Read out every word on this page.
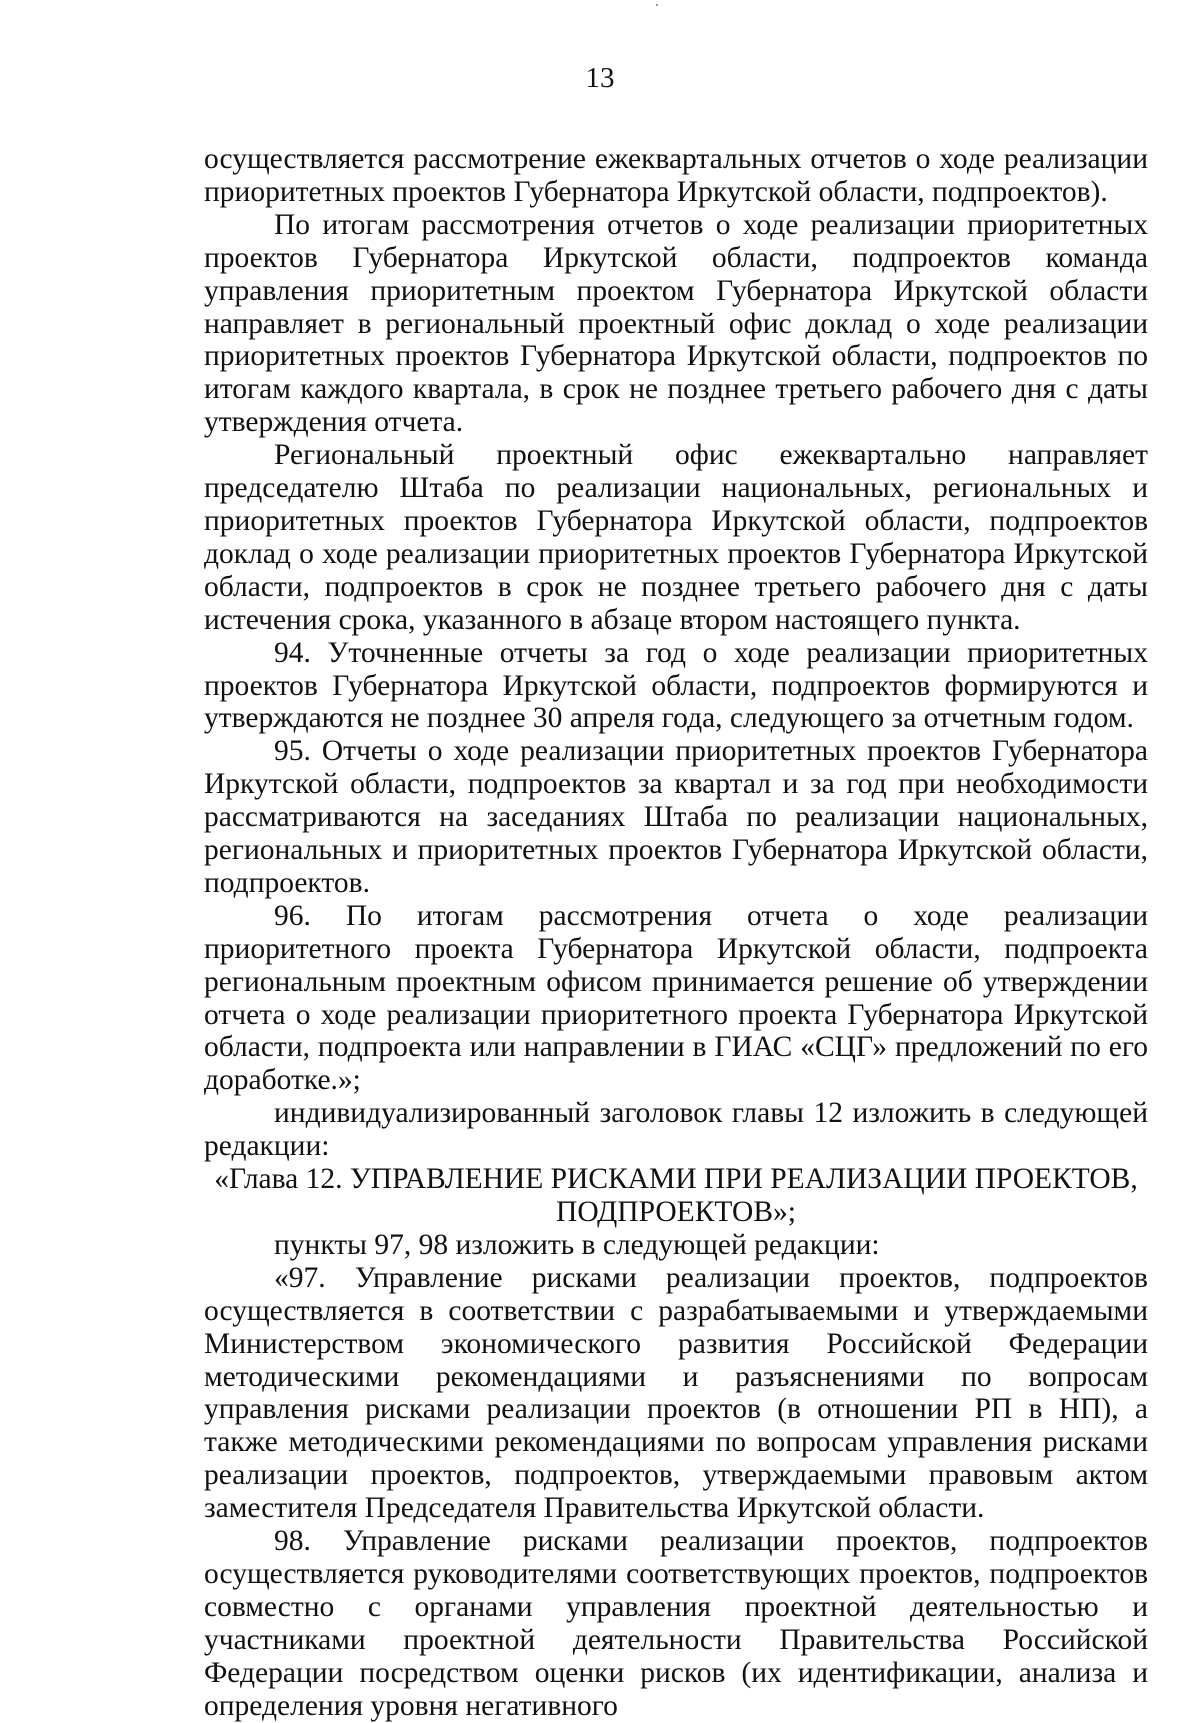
13

осуществляется рассмотрение ежеквартальных отчетов о ходе реализации приоритетных проектов Губернатора Иркутской области, подпроектов).

По итогам рассмотрения отчетов о ходе реализации приоритетных проектов Губернатора Иркутской области, подпроектов команда управления приоритетным проектом Губернатора Иркутской области направляет в региональный проектный офис доклад о ходе реализации приоритетных проектов Губернатора Иркутской области, подпроектов по итогам каждого квартала, в срок не позднее третьего рабочего дня с даты утверждения отчета.

Региональный проектный офис ежеквартально направляет председателю Штаба по реализации национальных, региональных и приоритетных проектов Губернатора Иркутской области, подпроектов доклад о ходе реализации приоритетных проектов Губернатора Иркутской области, подпроектов в срок не позднее третьего рабочего дня с даты истечения срока, указанного в абзаце втором настоящего пункта.

94. Уточненные отчеты за год о ходе реализации приоритетных проектов Губернатора Иркутской области, подпроектов формируются и утверждаются не позднее 30 апреля года, следующего за отчетным годом.

95. Отчеты о ходе реализации приоритетных проектов Губернатора Иркутской области, подпроектов за квартал и за год при необходимости рассматриваются на заседаниях Штаба по реализации национальных, региональных и приоритетных проектов Губернатора Иркутской области, подпроектов.

96. По итогам рассмотрения отчета о ходе реализации приоритетного проекта Губернатора Иркутской области, подпроекта региональным проектным офисом принимается решение об утверждении отчета о ходе реализации приоритетного проекта Губернатора Иркутской области, подпроекта или направлении в ГИАС «СЦГ» предложений по его доработке.»;

индивидуализированный заголовок главы 12 изложить в следующей редакции:

«Глава 12. УПРАВЛЕНИЕ РИСКАМИ ПРИ РЕАЛИЗАЦИИ ПРОЕКТОВ, ПОДПРОЕКТОВ»;

пункты 97, 98 изложить в следующей редакции:

«97. Управление рисками реализации проектов, подпроектов осуществляется в соответствии с разрабатываемыми и утверждаемыми Министерством экономического развития Российской Федерации методическими рекомендациями и разъяснениями по вопросам управления рисками реализации проектов (в отношении РП в НП), а также методическими рекомендациями по вопросам управления рисками реализации проектов, подпроектов, утверждаемыми правовым актом заместителя Председателя Правительства Иркутской области.

98. Управление рисками реализации проектов, подпроектов осуществляется руководителями соответствующих проектов, подпроектов совместно с органами управления проектной деятельностью и участниками проектной деятельности Правительства Российской Федерации посредством оценки рисков (их идентификации, анализа и определения уровня негативного
